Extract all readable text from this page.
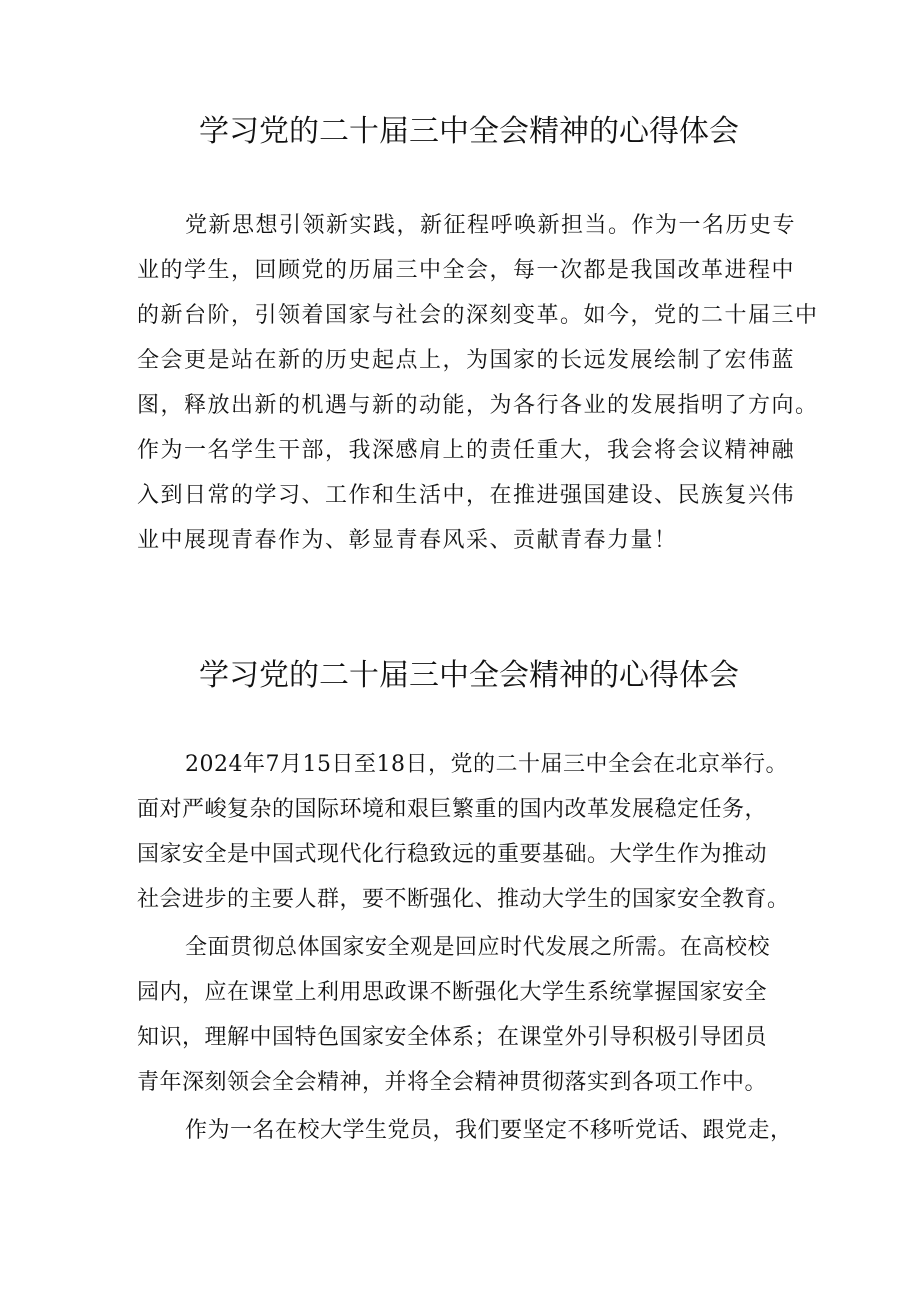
学习党的二十届三中全会精神的心得体会

党新思想引领新实践，新征程呼唤新担当。作为一名历史专
业的学生，回顾党的历届三中全会，每一次都是我国改革进程中
的新台阶，引领着国家与社会的深刻变革。如今，党的二十届三中
全会更是站在新的历史起点上，为国家的长远发展绘制了宏伟蓝
图，释放出新的机遇与新的动能，为各行各业的发展指明了方向。
作为一名学生干部，我深感肩上的责任重大，我会将会议精神融
入到日常的学习、工作和生活中，在推进强国建设、民族复兴伟
业中展现青春作为、彰显青春风采、贡献青春力量！

学习党的二十届三中全会精神的心得体会

2024年7月15日至18日，党的二十届三中全会在北京举行。
面对严峻复杂的国际环境和艰巨繁重的国内改革发展稳定任务，
国家安全是中国式现代化行稳致远的重要基础。大学生作为推动
社会进步的主要人群，要不断强化、推动大学生的国家安全教育。

全面贯彻总体国家安全观是回应时代发展之所需。在高校校
园内，应在课堂上利用思政课不断强化大学生系统掌握国家安全
知识，理解中国特色国家安全体系；在课堂外引导积极引导团员
青年深刻领会全会精神，并将全会精神贯彻落实到各项工作中。

作为一名在校大学生党员，我们要坚定不移听党话、跟党走，
